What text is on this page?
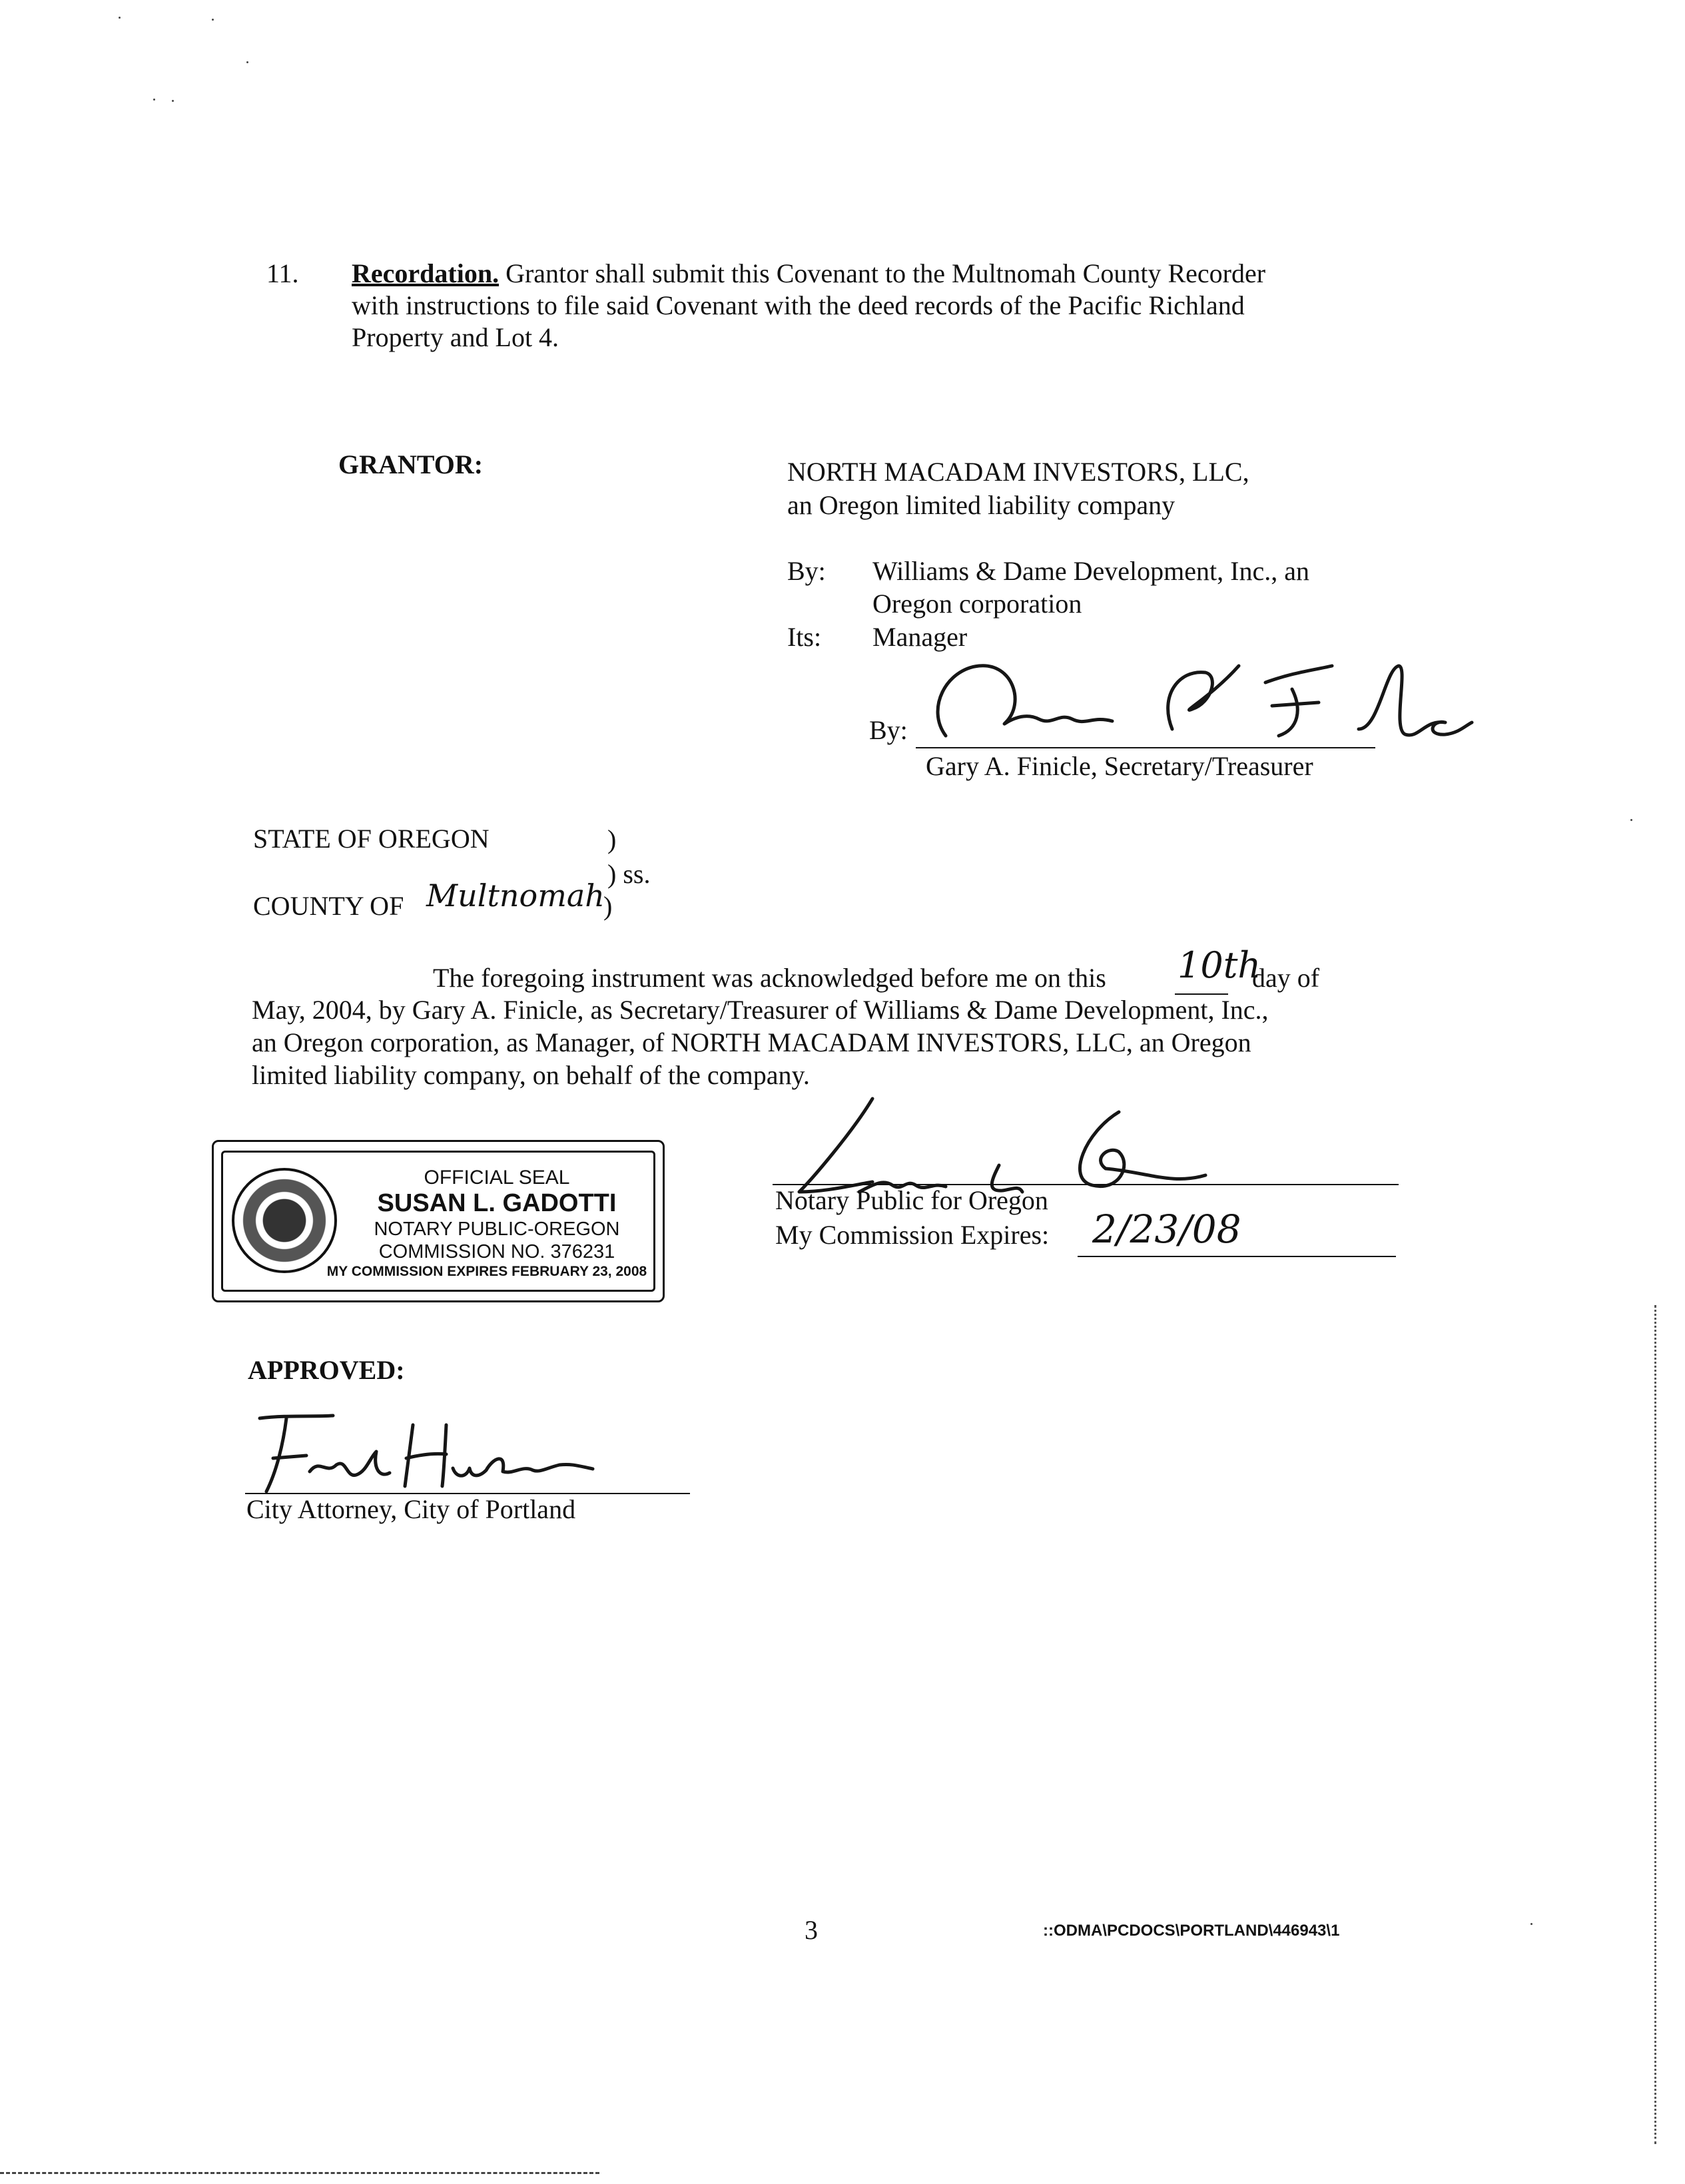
11. Recordation. Grantor shall submit this Covenant to the Multnomah County Recorder
with instructions to file said Covenant with the deed records of the Pacific Richland
Property and Lot 4.
GRANTOR:	NORTH MACADAM INVESTORS, LLC,
an Oregon limited liability company
By: Williams & Dame Development, Inc., an
Oregon corporation
Its: Manager
By:
Gary A. Finicle, Secretary/Treasurer
STATE OF OREGON	)
) ss.
COUNTY OF Multnomah
)
The foregoing instrument was acknowledged before me on this 10th
day of
May, 2004, by Gary A. Finicle, as Secretary/Treasurer of Williams & Dame Development, Inc.,
an Oregon corporation, as Manager, of NORTH MACADAM INVESTORS, LLC, an Oregon
limited liability company, on behalf of the company.
OFFICIAL SEAL
SUSAN L. GADOTTI
NOTARY PUBLIC-OREGON
COMMISSION NO. 376231
MY COMMISSION EXPIRES FEBRUARY 23, 2008
Notary Public for Oregon
My Commission Expires: 2/23/08
APPROVED:
City Attorney, City of Portland
3	::ODMA\PCDOCS\PORTLAND\446943\1
